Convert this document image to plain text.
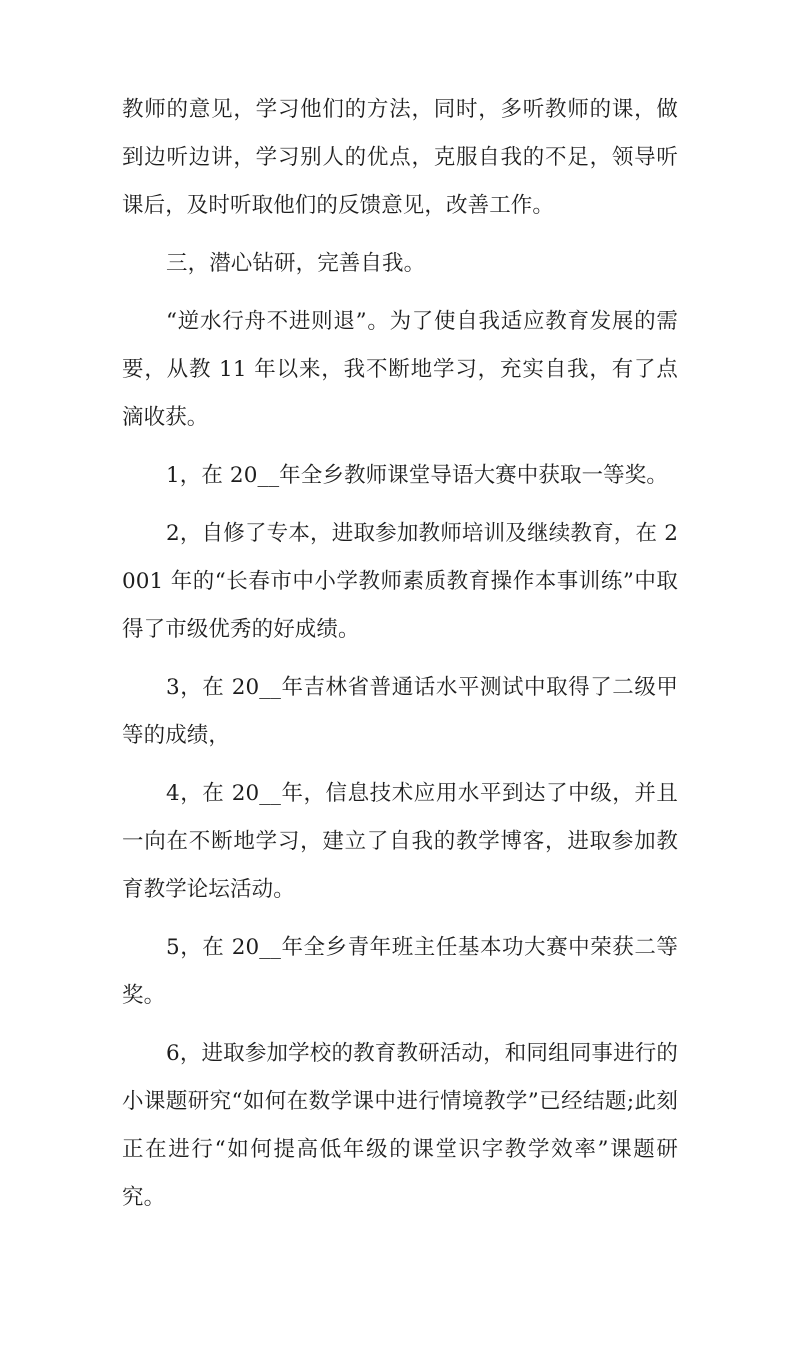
教师的意见，学习他们的方法，同时，多听教师的课，做到边听边讲，学习别人的优点，克服自我的不足，领导听课后，及时听取他们的反馈意见，改善工作。

三，潜心钻研，完善自我。

“逆水行舟不进则退”。为了使自我适应教育发展的需要，从教 11 年以来，我不断地学习，充实自我，有了点滴收获。

1，在 20__年全乡教师课堂导语大赛中获取一等奖。

2，自修了专本，进取参加教师培训及继续教育，在 2001 年的“长春市中小学教师素质教育操作本事训练”中取得了市级优秀的好成绩。

3，在 20__年吉林省普通话水平测试中取得了二级甲等的成绩，

4，在 20__年，信息技术应用水平到达了中级，并且一向在不断地学习，建立了自我的教学博客，进取参加教育教学论坛活动。

5，在 20__年全乡青年班主任基本功大赛中荣获二等奖。

6，进取参加学校的教育教研活动，和同组同事进行的小课题研究“如何在数学课中进行情境教学”已经结题;此刻正在进行“如何提高低年级的课堂识字教学效率”课题研究。
